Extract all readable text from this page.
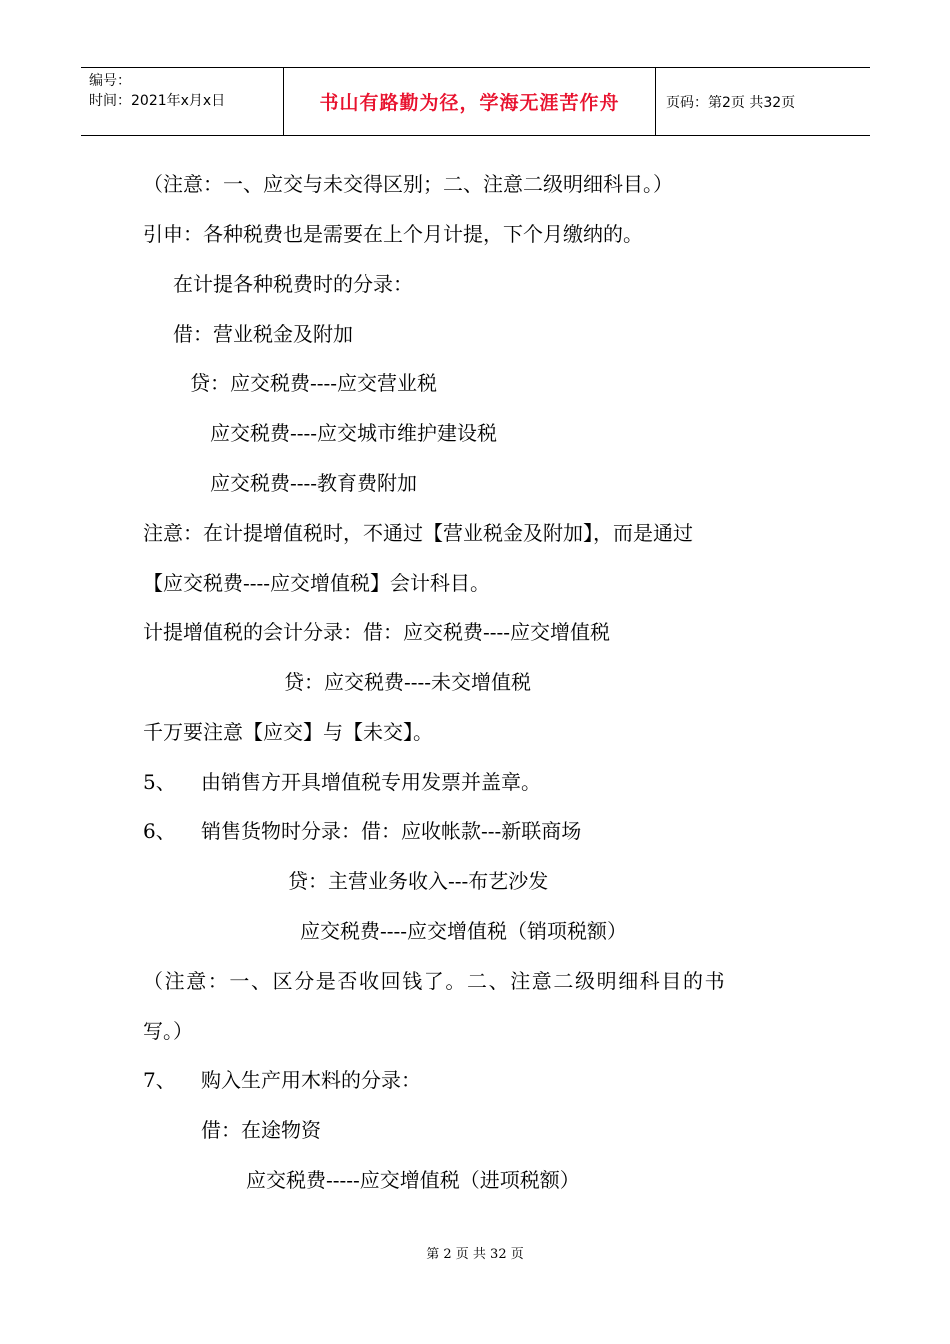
编号：
时间：2021年x月x日	书山有路勤为径，学海无涯苦作舟	页码：第2页 共32页
（注意：一、应交与未交得区别；二、注意二级明细科目。）
引申：各种税费也是需要在上个月计提，下个月缴纳的。
在计提各种税费时的分录：
借：营业税金及附加
贷：应交税费----应交营业税
应交税费----应交城市维护建设税
应交税费----教育费附加
注意：在计提增值税时，不通过【营业税金及附加】，而是通过
【应交税费----应交增值税】会计科目。
计提增值税的会计分录：借：应交税费----应交增值税
贷：应交税费----未交增值税
千万要注意【应交】与【未交】。
5、 由销售方开具增值税专用发票并盖章。
6、 销售货物时分录：借：应收帐款---新联商场
贷：主营业务收入---布艺沙发
应交税费----应交增值税（销项税额）
（注意：一、区分是否收回钱了。二、注意二级明细科目的书
写。）
7、 购入生产用木料的分录：
借：在途物资
应交税费-----应交增值税（进项税额）
第 2 页 共 32 页
